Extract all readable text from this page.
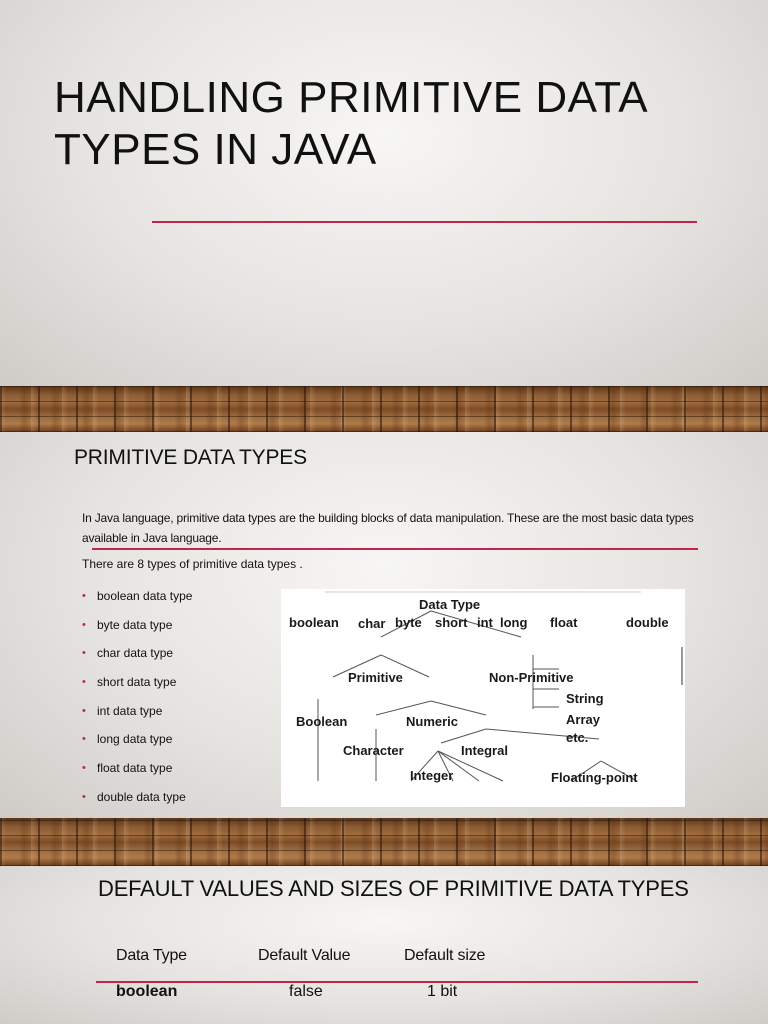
HANDLING PRIMITIVE DATA
TYPES IN JAVA
PRIMITIVE DATA TYPES

In Java language, primitive data types are the building blocks of data manipulation. These are the most basic data types
available in Java language.

There are 8 types of primitive data types .

• boolean data type
• byte data type
• char data type
• short data type
• int data type
• long data type
• float data type
• double data type
Data Type
Primitive	Non-Primitive
String
Array
etc.
Boolean	Numeric
Character	Integral
Integer	Floating-point
boolean char byte short int long float	double
DEFAULT VALUES AND SIZES OF PRIMITIVE DATA TYPES

Data Type	Default Value	Default size

boolean	false	1 bit
